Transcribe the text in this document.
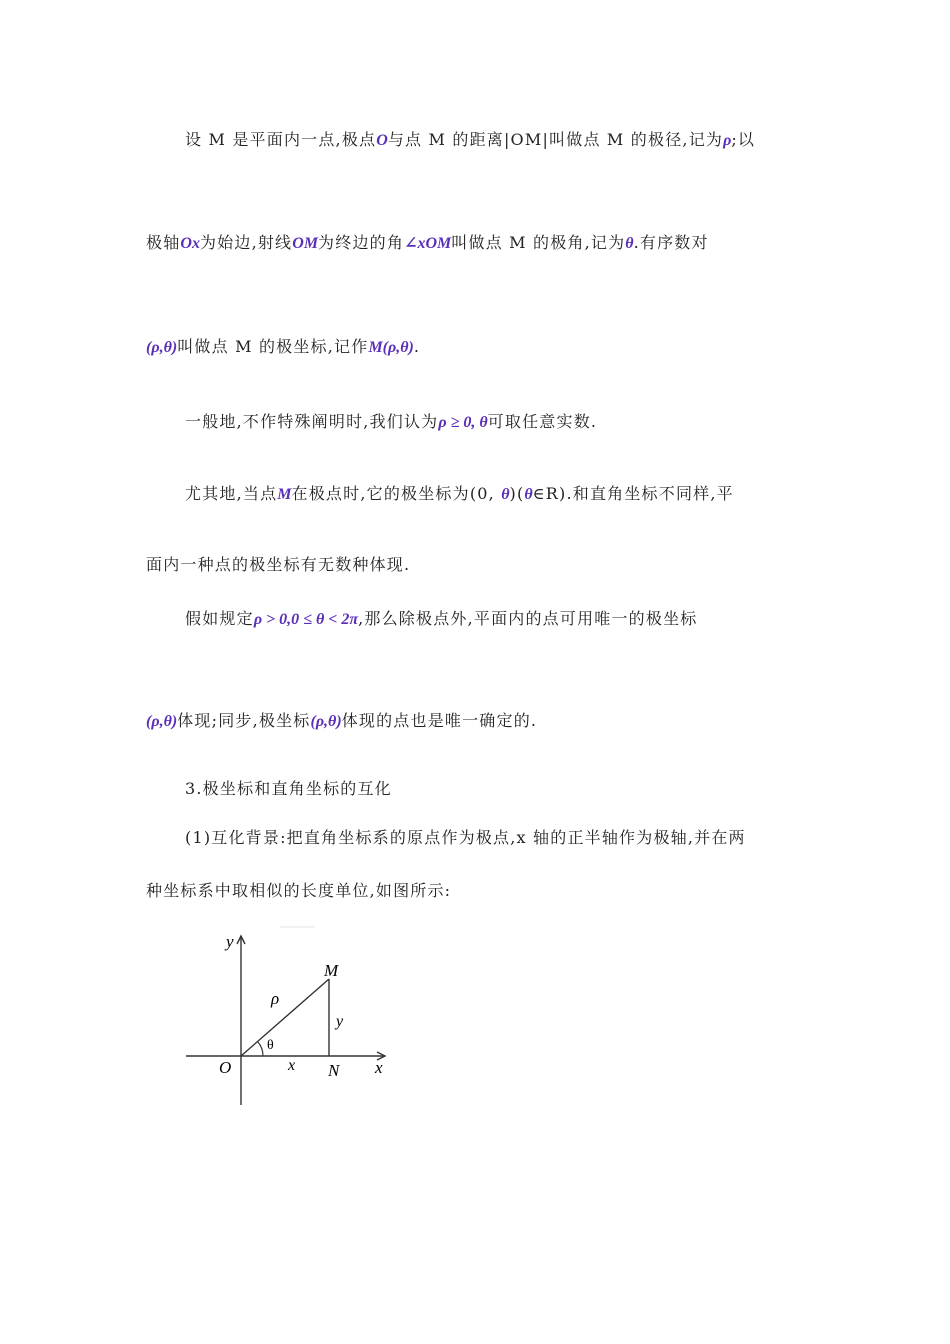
设 M 是平面内一点,极点O与点 M 的距离|OM|叫做点 M 的极径,记为ρ;以
极轴Ox为始边,射线OM为终边的角∠xOM叫做点 M 的极角,记为θ.有序数对
(ρ,θ)叫做点 M 的极坐标,记作M(ρ,θ).
一般地,不作特殊阐明时,我们认为ρ ≥ 0, θ可取任意实数.
尤其地,当点M在极点时,它的极坐标为(0, θ)(θ∈R).和直角坐标不同样,平
面内一种点的极坐标有无数种体现.
假如规定ρ > 0,0 ≤ θ < 2π,那么除极点外,平面内的点可用唯一的极坐标
(ρ,θ)体现;同步,极坐标(ρ,θ)体现的点也是唯一确定的.
3.极坐标和直角坐标的互化
(1)互化背景:把直角坐标系的原点作为极点,x 轴的正半轴作为极轴,并在两
种坐标系中取相似的长度单位,如图所示:
y
x
O
M
N
ρ
θ
x
y
